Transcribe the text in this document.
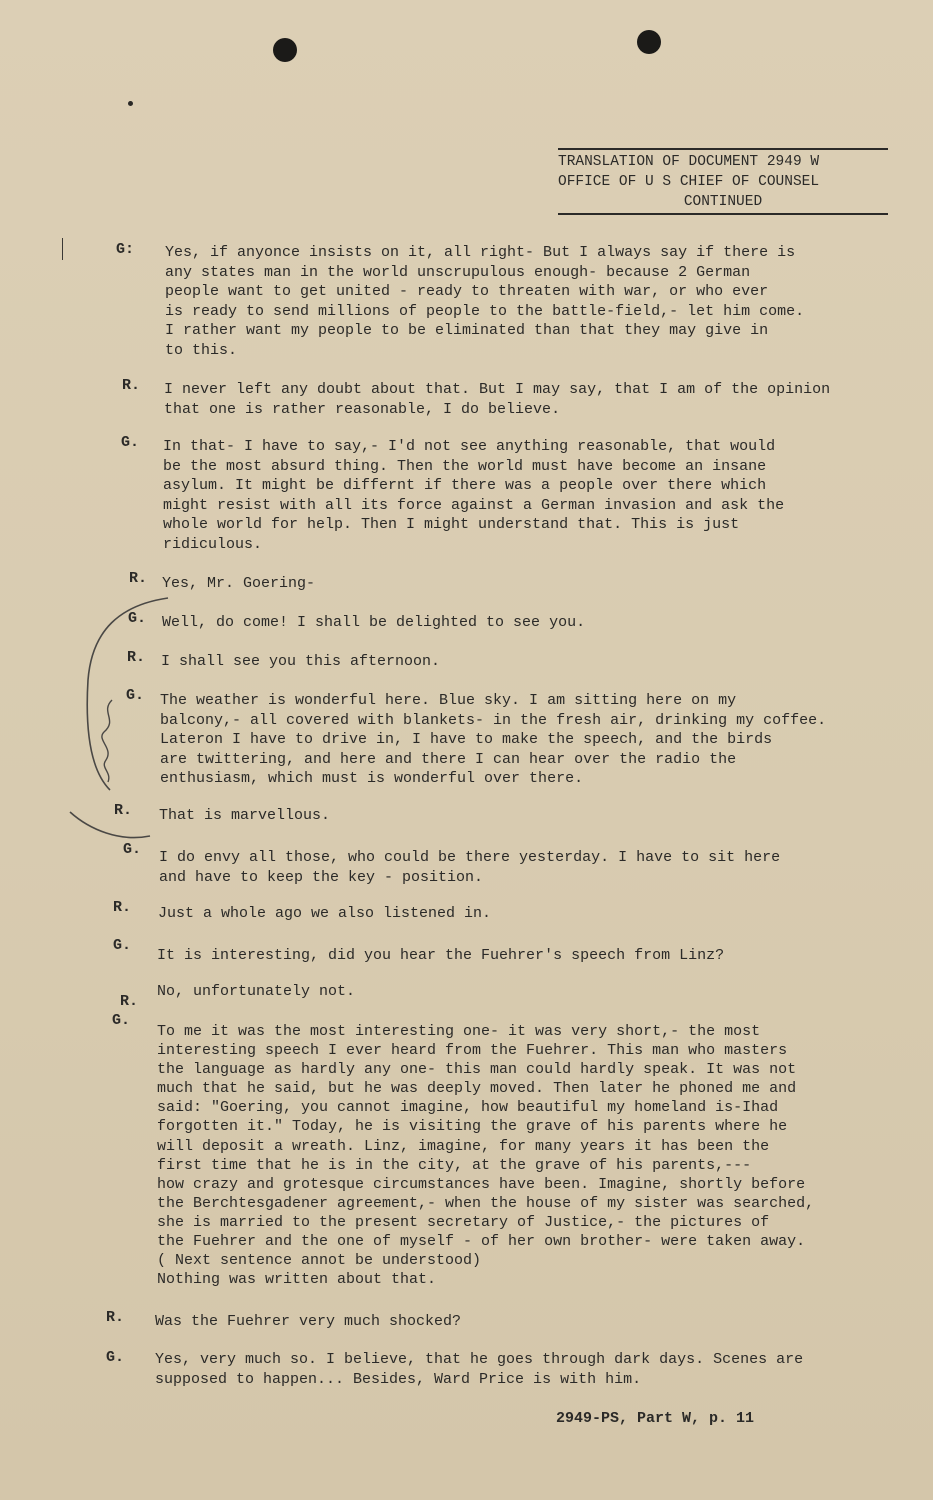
TRANSLATION OF DOCUMENT 2949 W
OFFICE OF U S CHIEF OF COUNSEL
CONTINUED
G: Yes, if anyonce insists on it, all right- But I always say if there is
any states man in the world unscrupulous enough- because 2 German
people want to get united - ready to threaten with war, or who ever
is ready to send millions of people to the battle-field,- let him come.
I rather want my people to be eliminated than that they may give in
to this.
R. I never left any doubt about that. But I may say, that I am of the opinion
that one is rather reasonable, I do believe.
G. In that- I have to say,- I'd not see anything reasonable, that would
be the most absurd thing. Then the world must have become an insane
asylum. It might be differnt if there was a people over there which
might resist with all its force against a German invasion and ask the
whole world for help. Then I might understand that. This is just
ridiculous.
R. Yes, Mr. Goering-
G. Well, do come! I shall be delighted to see you.
R. I shall see you this afternoon.
G. The weather is wonderful here. Blue sky. I am sitting here on my
balcony,- all covered with blankets- in the fresh air, drinking my coffee.
Lateron I have to drive in, I have to make the speech, and the birds
are twittering, and here and there I can hear over the radio the
enthusiasm, which must is wonderful over there.
R. That is marvellous.
G. I do envy all those, who could be there yesterday. I have to sit here
and have to keep the key - position.
R. Just a whole ago we also listened in.
G.
It is interesting, did you hear the Fuehrer's speech from Linz?
R.
No, unfortunately not.
G.
To me it was the most interesting one- it was very short,- the most
interesting speech I ever heard from the Fuehrer. This man who masters
the language as hardly any one- this man could hardly speak. It was not
much that he said, but he was deeply moved. Then later he phoned me and
said: "Goering, you cannot imagine, how beautiful my homeland is-Ihad
forgotten it." Today, he is visiting the grave of his parents where he
will deposit a wreath. Linz, imagine, for many years it has been the
first time that he is in the city, at the grave of his parents,---
how crazy and grotesque circumstances have been. Imagine, shortly before
the Berchtesgadener agreement,- when the house of my sister was searched,
she is married to the present secretary of Justice,- the pictures of
the Fuehrer and the one of myself - of her own brother- were taken away.
( Next sentence annot be understood)
Nothing was written about that.
R. Was the Fuehrer very much shocked?
G. Yes, very much so. I believe, that he goes through dark days. Scenes are
supposed to happen... Besides, Ward Price is with him.
2949-PS, Part W, p. 11
